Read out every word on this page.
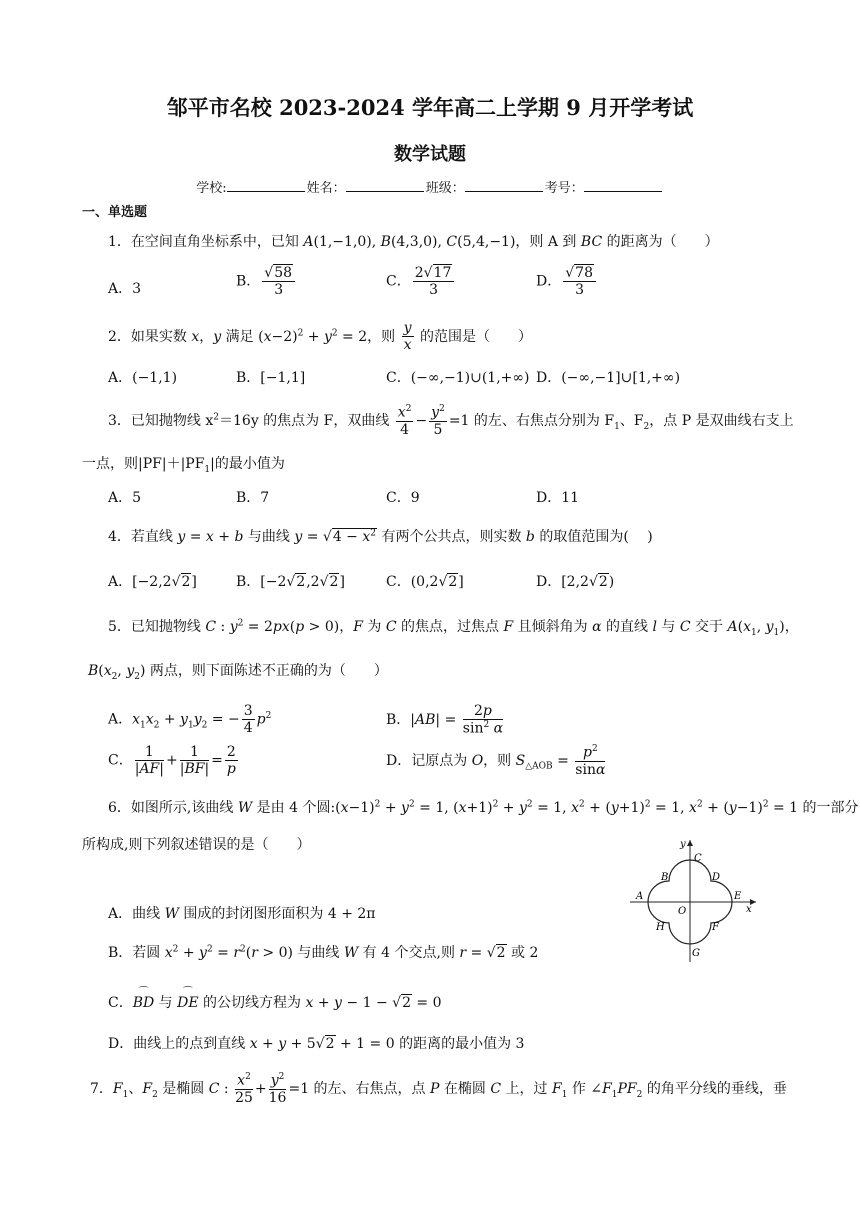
邹平市名校 2023-2024 学年高二上学期 9 月开学考试
数学试题
学校:	姓名：	班级：	考号：
一、单选题
1．在空间直角坐标系中，已知 A(1,−1,0), B(4,3,0), C(5,4,−1)，则 A 到 BC 的距离为（　　）
A．3	B． $\frac{√58}{3}$	C． $\frac{2√17}{3}$	D． $\frac{√78}{3}$
2．如果实数 x，y 满足 $(x-2)^2 + y^2 = 2$，则 $\frac{y}{x}$ 的范围是（　　）
A．(−1,1)	B．[−1,1]	C．(−∞,−1)∪(1,+∞) D．(−∞,−1]∪[1,+∞)
3．已知抛物线 $x^2=16y$ 的焦点为 F，双曲线 $\frac{x^2}{4} - \frac{y^2}{5} =1$ 的左、右焦点分别为 $F_1$、$F_2$，点 P 是双曲线右支上
一点，则$|PF|+|PF_1|$的最小值为
A．5	B．7	C．9	D．11
4．若直线 y = x + b 与曲线 $y = √4 - x^2$ 有两个公共点，则实数 b 的取值范围为(　 )
A．[−2,2√2]	B．[−2√2,2√2]	C．(0,2√2]	D．[2,2√2)
5．已知抛物线 C : $y^2 = 2px(p > 0)$，F 为 C 的焦点，过焦点 F 且倾斜角为 α 的直线 l 与 C 交于 $A(x_1$, $y_1$)，
$B(x_2$, $y_2$) 两点，则下面陈述不正确的为（　　）
A．$x_1x_2 + y_1y_2$ = − $\frac{3}{4} p^2$	B．$|AB| = \frac{2p}{\sin^2 \alpha}$
C． $\frac{1}{|AF|} + \frac{1}{|BF|} = \frac{2}{p}$	D．记原点为 O，则 $S_{\triangle AOB} = \frac{p^2}{\sin\alpha}$
6．如图所示,该曲线 W 是由 4 个圆$:(x-1)^2 + y^2 = 1$, $(x+1)^2 + y^2 = 1$, $x^2 + (y+1)^2 = 1$, $x^2 + (y-1)^2 = 1$ 的一部分
所构成,则下列叙述错误的是（　　）	y
C
B	D
A	E
x
O
H	F
G
A．曲线 W 围成的封闭图形面积为 4 + 2π
B．若圆 $x^2 + y^2 = r^2(r > 0)$ 与曲线 W 有 4 个交点,则 r = √2 或 2
C．
⌒
BD 与
⌒
DE 的公切线方程为 x + y − 1 − √2 = 0
D．曲线上的点到直线 x + y + 5√2 + 1 = 0 的距离的最小值为 3
7．$F_1$、$F_2$ 是椭圆 C : $\frac{x^2}{25} + \frac{y^2}{16} =1$ 的左、右焦点，点 P 在椭圆 C 上，过 $F_1$ 作 $\angle F_1PF_2$ 的角平分线的垂线，垂
